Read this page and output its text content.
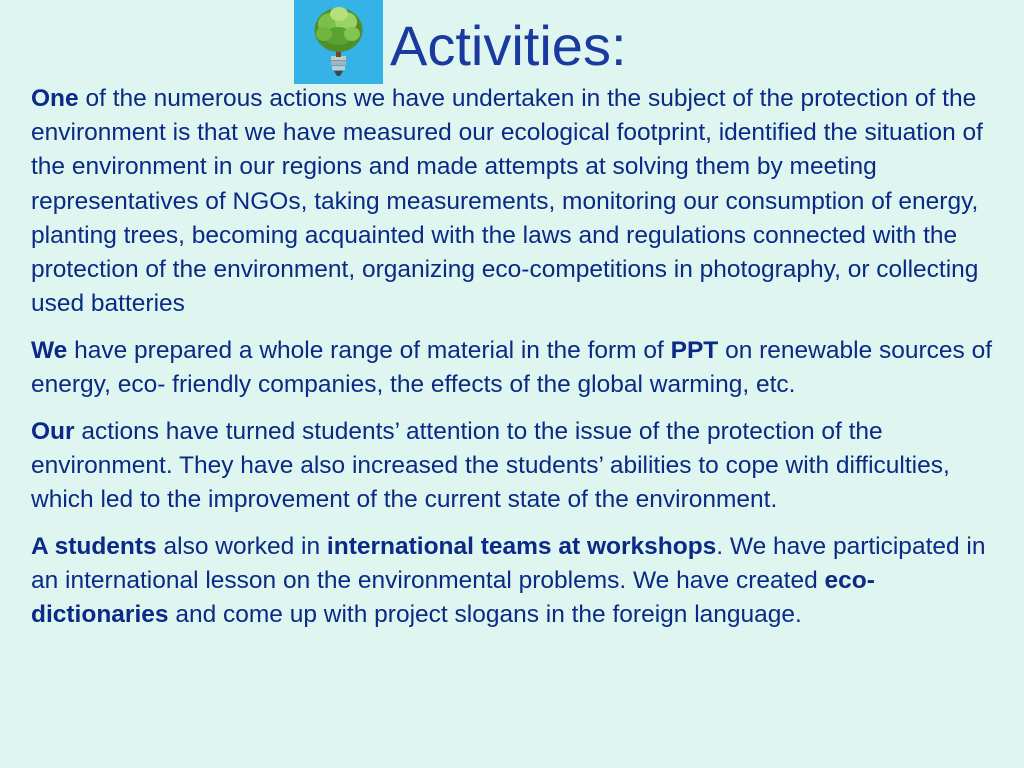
Activities:

One of the numerous actions we have undertaken in the subject of the protection of the environment is that we have measured our ecological footprint, identified the situation of the environment in our regions and made attempts at solving them by meeting representatives of NGOs, taking measurements, monitoring our consumption of energy, planting trees, becoming acquainted with the laws and regulations connected with the protection of the environment, organizing eco-competitions in photography, or collecting used batteries

We have prepared a whole range of material in the form of PPT on renewable sources of energy, eco- friendly companies, the effects of the global warming, etc.

Our actions have turned students’ attention to the issue of the protection of the environment. They have also increased the students’ abilities to cope with difficulties, which led to the improvement of the current state of the environment.

A students also worked in international teams at workshops. We have participated in an international lesson on the environmental problems. We have created eco- dictionaries and come up with project slogans in the foreign language.
